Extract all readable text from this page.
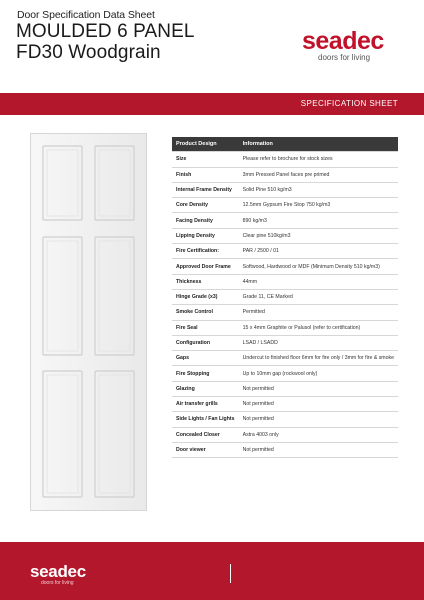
Door Specification Data Sheet
MOULDED 6 PANEL
FD30 Woodgrain	seadec
doors for living
SPECIFICATION SHEET
Product Design	Information
Size	Please refer to brochure for stock sizes
Finish	3mm Pressed Panel faces pre primed
Internal Frame Density	Solid Pine 510 kg/m3
Core Density	12.5mm Gypsum Fire Stop 750 kg/m3
Facing Density	890 kg/m3
Lipping Density	Clear pine 510kg/m3
Fire Certification:	PAR / 2500 / 01
Approved Door Frame	Softwood, Hardwood or MDF (Minimum Density 510 kg/m3)
Thickness	44mm
Hinge Grade (x3)	Grade 11, CE Marked
Smoke Control	Permitted
Fire Seal	15 x 4mm Graphite or Palusol (refer to certification)
Configuration	LSAD / LSADD
Gaps	Undercut to finished floor 6mm for fire only / 3mm for fire & smoke
Fire Stopping	Up to 10mm gap (rockwool only)
Glazing	Not permitted
Air transfer grills	Not permitted
Side Lights / Fan Lights	Not permitted
Concealed Closer	Astra 4003 only
Door viewer	Not permitted
seadec
doors for living
